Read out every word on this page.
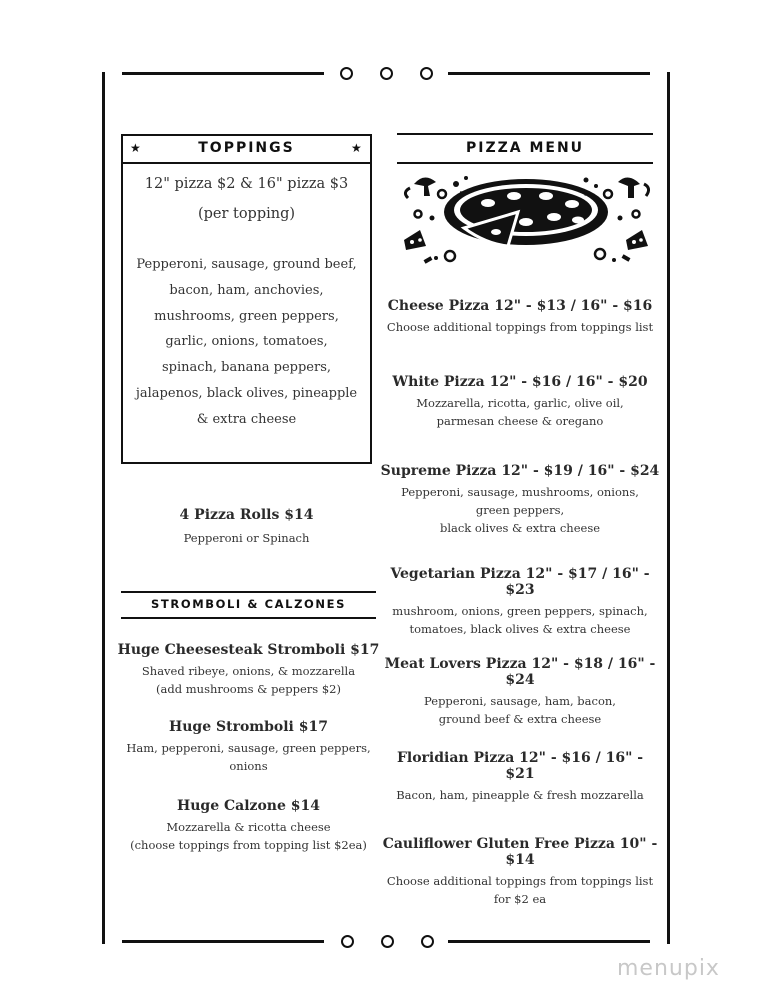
★	★
TOPPINGS
12" pizza $2 & 16" pizza $3
(per topping)
Pepperoni, sausage, ground beef,
bacon, ham, anchovies,
mushrooms, green peppers,
garlic, onions, tomatoes,
spinach, banana peppers,
jalapenos, black olives, pineapple
& extra cheese
4 Pizza Rolls $14
Pepperoni or Spinach
STROMBOLI & CALZONES
Huge Cheesesteak Stromboli $17
Shaved ribeye, onions, & mozzarella
(add mushrooms & peppers $2)
Huge Stromboli $17
Ham, pepperoni, sausage, green peppers,
onions
Huge Calzone $14
Mozzarella & ricotta cheese
(choose toppings from topping list $2ea)
PIZZA MENU
Cheese Pizza 12" - $13 / 16" - $16
Choose additional toppings from toppings list
White Pizza 12" - $16 / 16" - $20
Mozzarella, ricotta, garlic, olive oil,
parmesan cheese & oregano
Supreme Pizza 12" - $19 / 16" - $24
Pepperoni, sausage, mushrooms, onions,
green peppers,
black olives & extra cheese
Vegetarian Pizza 12" - $17 / 16" - $23
mushroom, onions, green peppers, spinach,
tomatoes, black olives & extra cheese
Meat Lovers Pizza 12" - $18 / 16" - $24
Pepperoni, sausage, ham, bacon,
ground beef & extra cheese
Floridian Pizza 12" - $16 / 16" - $21
Bacon, ham, pineapple & fresh mozzarella
Cauliflower Gluten Free Pizza 10" - $14
Choose additional toppings from toppings list
for $2 ea
menupix
